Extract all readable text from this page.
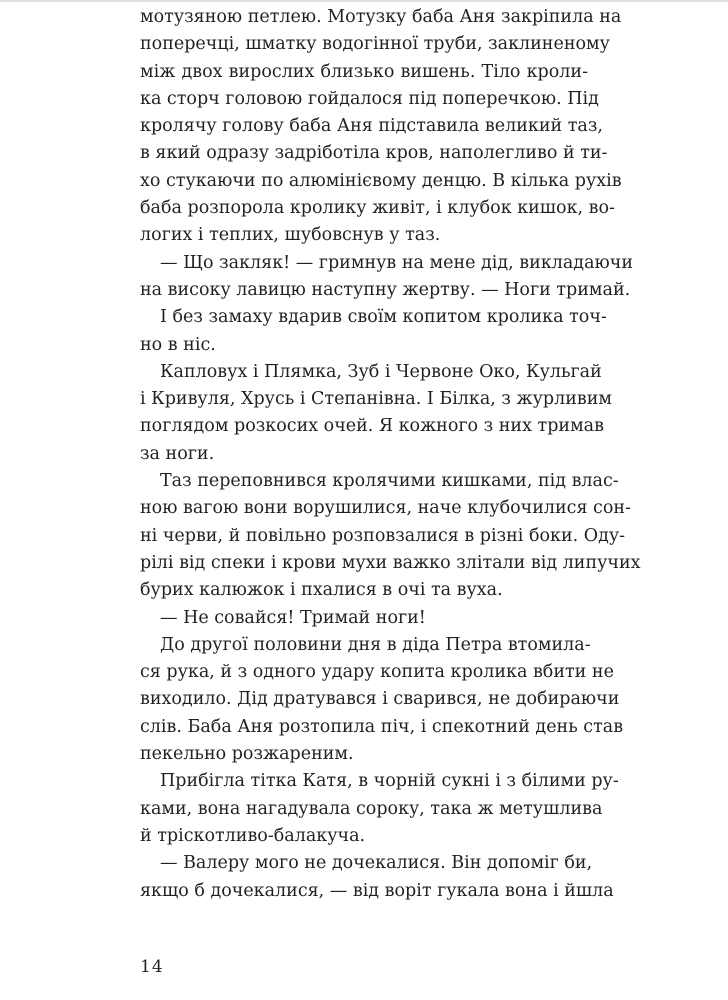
мотузяною петлею. Мотузку баба Аня закріпила на
поперечці, шматку водогінної труби, заклиненому
між двох вирослих близько вишень. Тіло кроли-
ка сторч головою гойдалося під поперечкою. Під
кролячу голову баба Аня підставила великий таз,
в який одразу задріботіла кров, наполегливо й ти-
хо стукаючи по алюмінієвому денцю. В кілька рухів
баба розпорола кролику живіт, і клубок кишок, во-
логих і теплих, шубовснув у таз.
— Що закляк! — гримнув на мене дід, викладаючи
на високу лавицю наступну жертву. — Ноги тримай.
І без замаху вдарив своїм копитом кролика точ-
но в ніс.
Капловух і Плямка, Зуб і Червоне Око, Кульгай
і Кривуля, Хрусь і Степанівна. І Білка, з журливим
поглядом розкосих очей. Я кожного з них тримав
за ноги.
Таз переповнився кролячими кишками, під влас-
ною вагою вони ворушилися, наче клубочилися сон-
ні черви, й повільно розповзалися в різні боки. Оду-
рілі від спеки і крови мухи важко злітали від липучих
бурих калюжок і пхалися в очі та вуха.
— Не совайся! Тримай ноги!
До другої половини дня в діда Петра втомила-
ся рука, й з одного удару копита кролика вбити не
виходило. Дід дратувався і сварився, не добираючи
слів. Баба Аня розтопила піч, і спекотний день став
пекельно розжареним.
Прибігла тітка Катя, в чорній сукні і з білими ру-
ками, вона нагадувала сороку, така ж метушлива
й тріскотливо-балакуча.
— Валеру мого не дочекалися. Він допоміг би,
якщо б дочекалися, — від воріт гукала вона і йшла
14
